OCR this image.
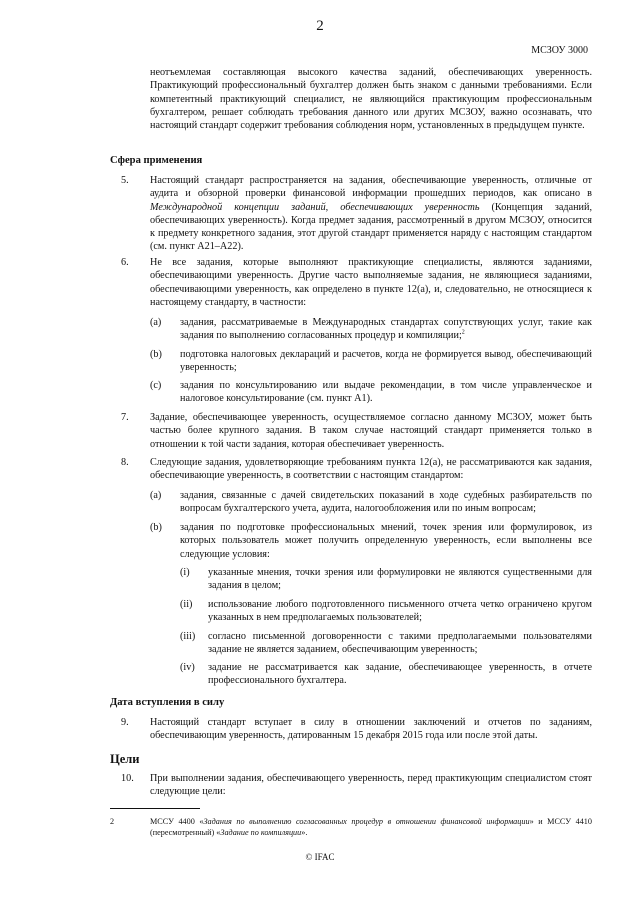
2
МСЗОУ 3000

неотъемлемая составляющая высокого качества заданий, обеспечивающих уверенность. Практикующий профессиональный бухгалтер должен быть знаком с данными требованиями. Если компетентный практикующий специалист, не являющийся практикующим профессиональным бухгалтером, решает соблюдать требования данного или других МСЗОУ, важно осознавать, что настоящий стандарт содержит требования соблюдения норм, установленных в предыдущем пункте.

Сфера применения

5. Настоящий стандарт распространяется на задания, обеспечивающие уверенность, отличные от аудита и обзорной проверки финансовой информации прошедших периодов, как описано в Международной концепции заданий, обеспечивающих уверенность (Концепция заданий, обеспечивающих уверенность). Когда предмет задания, рассмотренный в другом МСЗОУ, относится к предмету конкретного задания, этот другой стандарт применяется наряду с настоящим стандартом (см. пункт A21–A22).

6. Не все задания, которые выполняют практикующие специалисты, являются заданиями, обеспечивающими уверенность. Другие часто выполняемые задания, не являющиеся заданиями, обеспечивающими уверенность, как определено в пункте 12(a), и, следовательно, не относящиеся к настоящему стандарту, в частности:

(a) задания, рассматриваемые в Международных стандартах сопутствующих услуг, такие как задания по выполнению согласованных процедур и компиляции;$^2$

(b) подготовка налоговых деклараций и расчетов, когда не формируется вывод, обеспечивающий уверенность;

(c) задания по консультированию или выдаче рекомендации, в том числе управленческое и налоговое консультирование (см. пункт A1).

7. Задание, обеспечивающее уверенность, осуществляемое согласно данному МСЗОУ, может быть частью более крупного задания. В таком случае настоящий стандарт применяется только в отношении к той части задания, которая обеспечивает уверенность.

8. Следующие задания, удовлетворяющие требованиям пункта 12(a), не рассматриваются как задания, обеспечивающие уверенность, в соответствии с настоящим стандартом:

(a) задания, связанные с дачей свидетельских показаний в ходе судебных разбирательств по вопросам бухгалтерского учета, аудита, налогообложения или по иным вопросам;

(b) задания по подготовке профессиональных мнений, точек зрения или формулировок, из которых пользователь может получить определенную уверенность, если выполнены все следующие условия:

(i) указанные мнения, точки зрения или формулировки не являются существенными для задания в целом;

(ii) использование любого подготовленного письменного отчета четко ограничено кругом указанных в нем предполагаемых пользователей;

(iii) согласно письменной договоренности с такими предполагаемыми пользователями задание не является заданием, обеспечивающим уверенность;

(iv) задание не рассматривается как задание, обеспечивающее уверенность, в отчете профессионального бухгалтера.

Дата вступления в силу

9. Настоящий стандарт вступает в силу в отношении заключений и отчетов по заданиям, обеспечивающим уверенность, датированным 15 декабря 2015 года или после этой даты.

Цели

10. При выполнении задания, обеспечивающего уверенность, перед практикующим специалистом стоят следующие цели:

2	МССУ 4400 «Задания по выполнению согласованных процедур в отношении финансовой информации» и МССУ 4410 (пересмотренный) «Задание по компиляции».

© IFAC
